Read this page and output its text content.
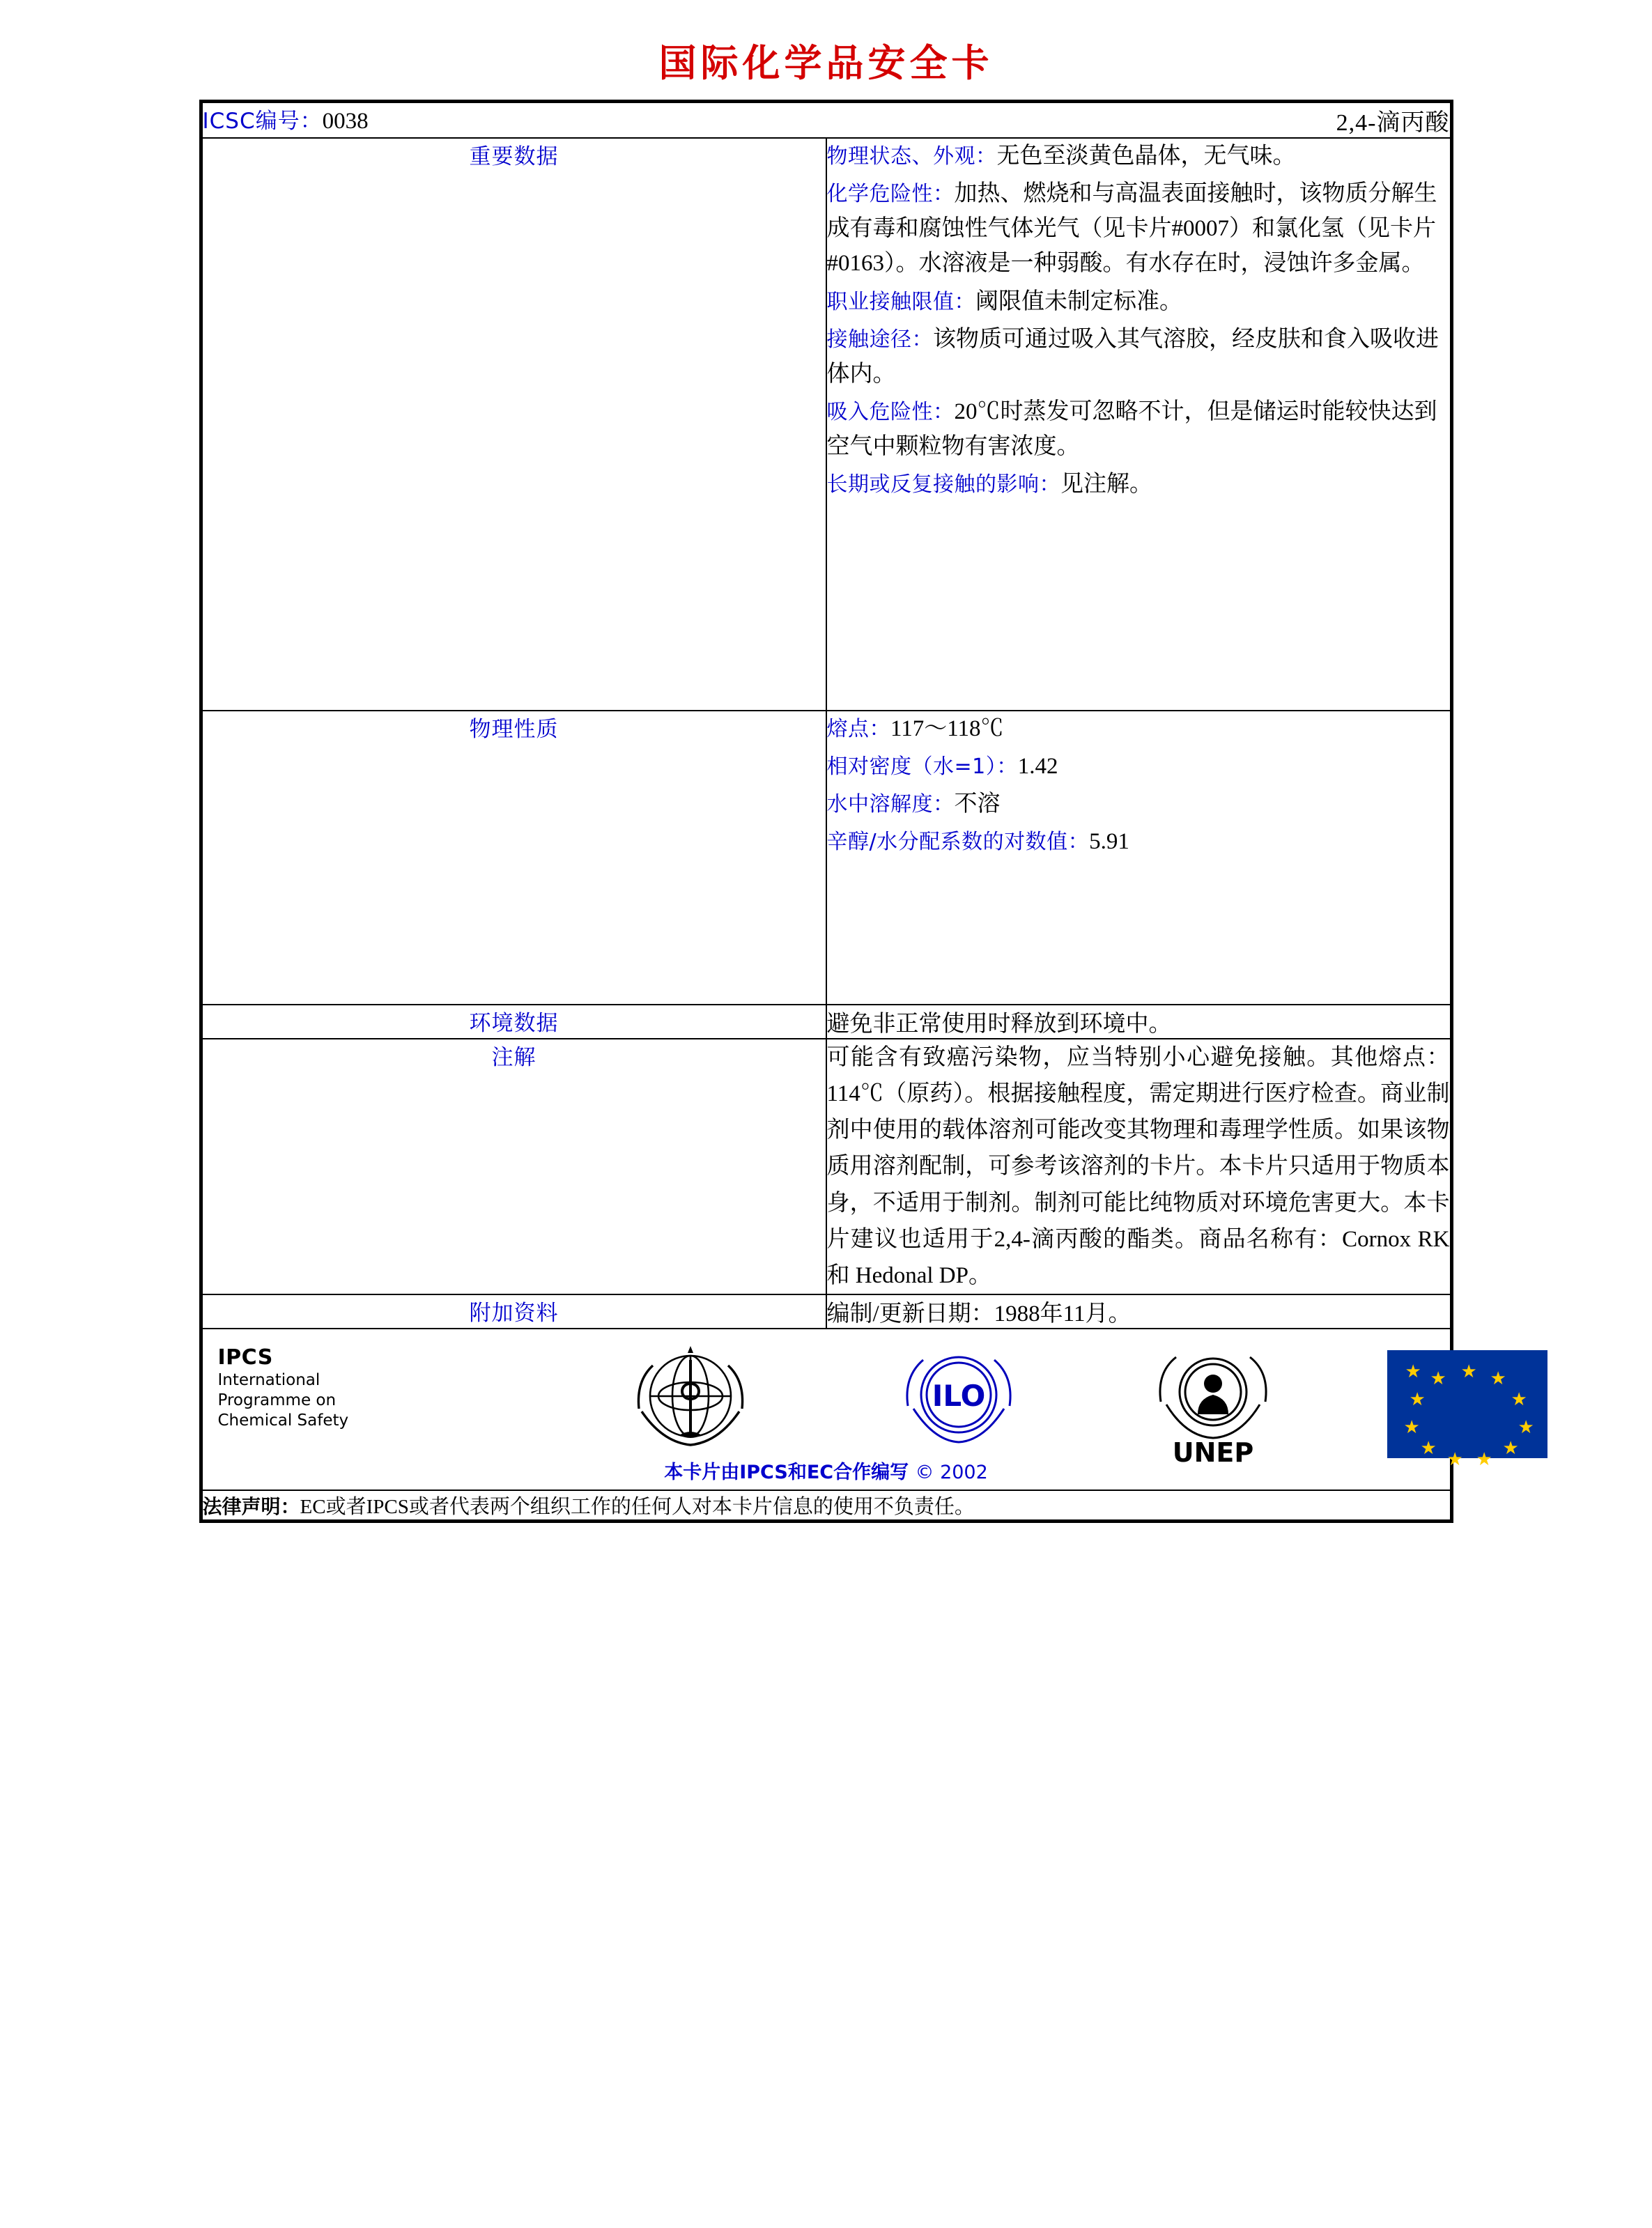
国际化学品安全卡
ICSC编号：0038	2,4-滴丙酸

重要数据	物理状态、外观：无色至淡黄色晶体，无气味。

化学危险性：加热、燃烧和与高温表面接触时，该物质分解生成有毒和腐蚀性气体光气（见卡片#0007）和氯化氢（见卡片#0163）。水溶液是一种弱酸。有水存在时，浸蚀许多金属。

职业接触限值：阈限值未制定标准。

接触途径：该物质可通过吸入其气溶胶，经皮肤和食入吸收进体内。

吸入危险性：20℃时蒸发可忽略不计，但是储运时能较快达到空气中颗粒物有害浓度。

长期或反复接触的影响：见注解。

物理性质	熔点：117～118℃

相对密度（水=1）：1.42

水中溶解度：不溶

辛醇/水分配系数的对数值：5.91

环境数据	避免非正常使用时释放到环境中。
注解	可能含有致癌污染物，应当特别小心避免接触。其他熔点：114℃（原药）。根据接触程度，需定期进行医疗检查。商业制剂中使用的载体溶剂可能改变其物理和毒理学性质。如果该物质用溶剂配制，可参考该溶剂的卡片。本卡片只适用于物质本身，不适用于制剂。制剂可能比纯物质对环境危害更大。本卡片建议也适用于2,4-滴丙酸的酯类。商品名称有：Cornox RK 和 Hedonal DP。
附加资料	编制/更新日期：1988年11月。

IPCS
International
Programme on
Chemical Safety
ILO
UNEP
★ ★
★
★
★
★
★
★
★
★
★
★
本卡片由IPCS和EC合作编写 © 2002

法律声明：EC或者IPCS或者代表两个组织工作的任何人对本卡片信息的使用不负责任。
